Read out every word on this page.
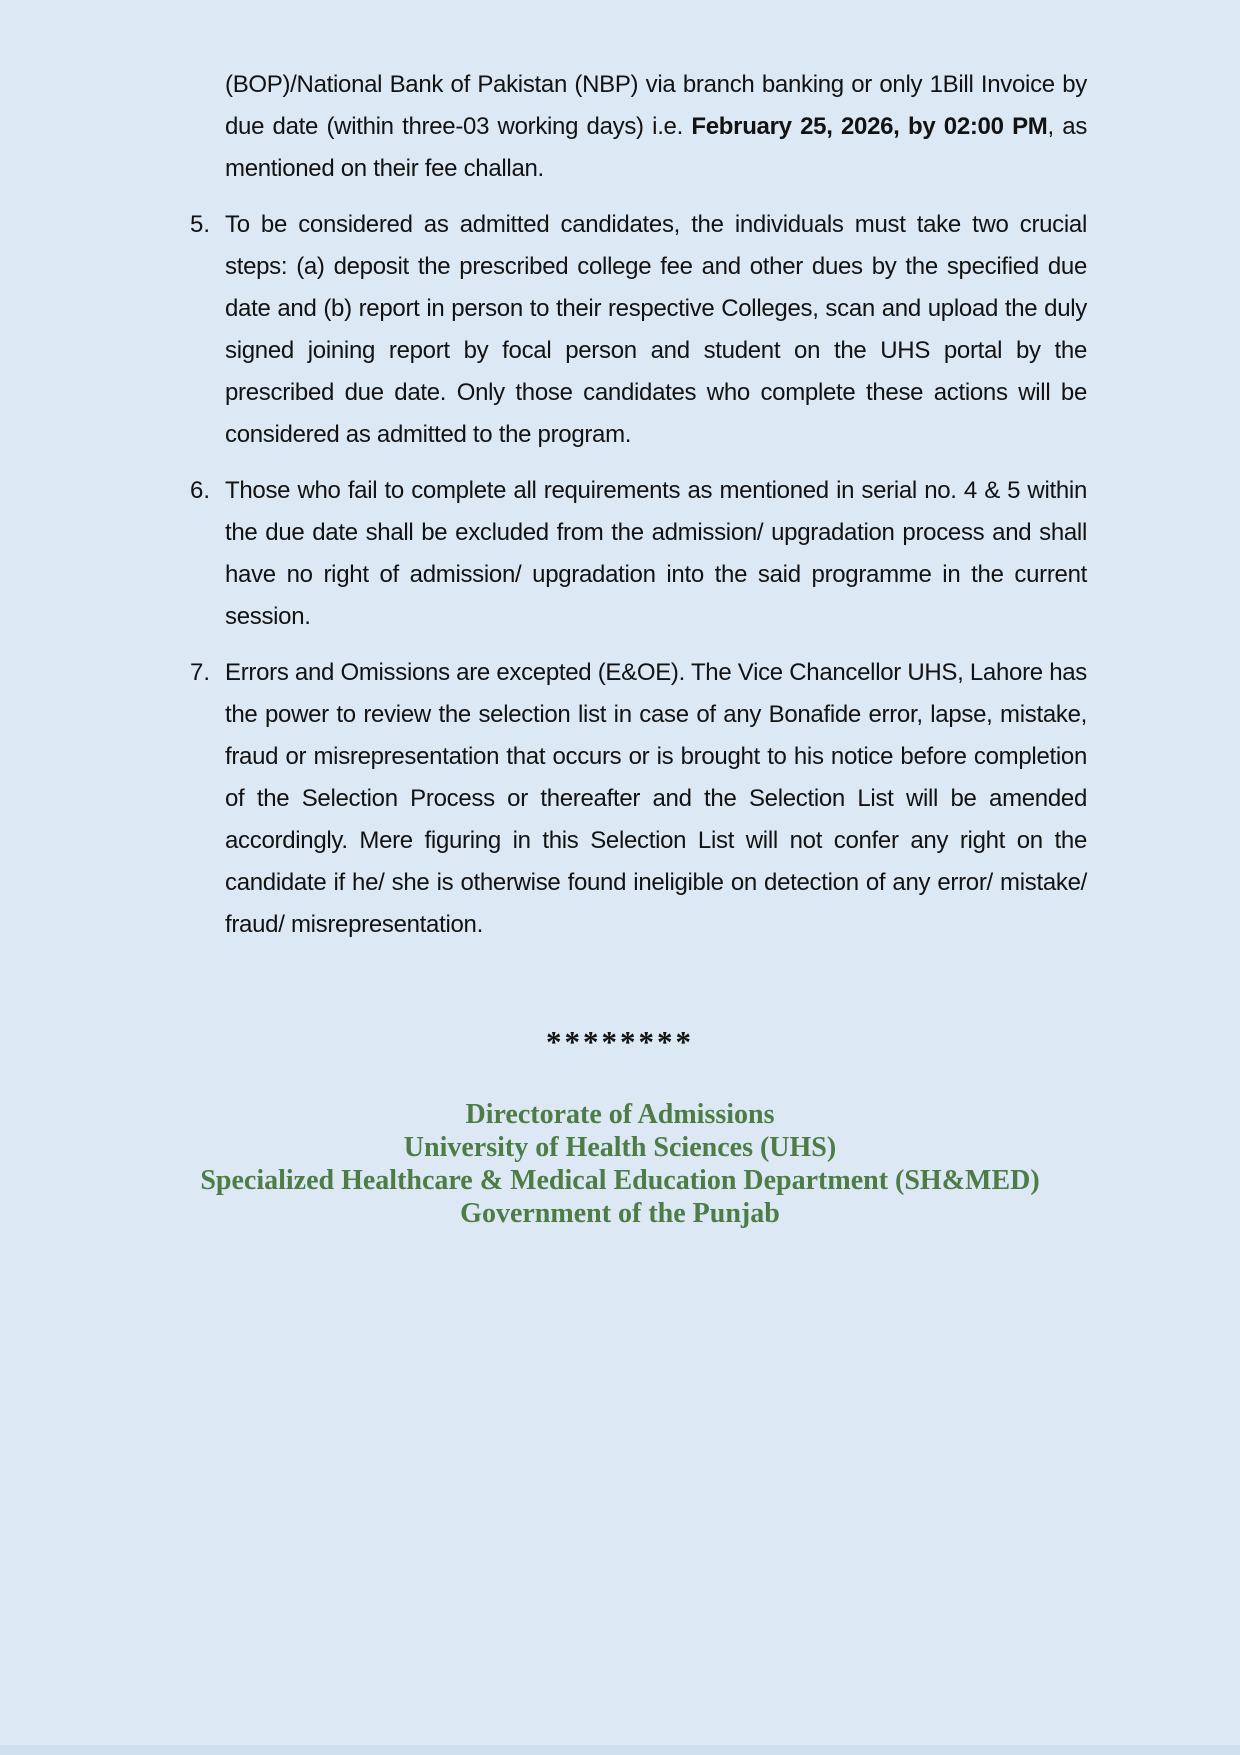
(BOP)/National Bank of Pakistan (NBP) via branch banking or only 1Bill Invoice by due date (within three-03 working days) i.e. February 25, 2026, by 02:00 PM, as mentioned on their fee challan.

5. To be considered as admitted candidates, the individuals must take two crucial steps: (a) deposit the prescribed college fee and other dues by the specified due date and (b) report in person to their respective Colleges, scan and upload the duly signed joining report by focal person and student on the UHS portal by the prescribed due date. Only those candidates who complete these actions will be considered as admitted to the program.

6. Those who fail to complete all requirements as mentioned in serial no. 4 & 5 within the due date shall be excluded from the admission/ upgradation process and shall have no right of admission/ upgradation into the said programme in the current session.

7. Errors and Omissions are excepted (E&OE). The Vice Chancellor UHS, Lahore has the power to review the selection list in case of any Bonafide error, lapse, mistake, fraud or misrepresentation that occurs or is brought to his notice before completion of the Selection Process or thereafter and the Selection List will be amended accordingly. Mere figuring in this Selection List will not confer any right on the candidate if he/ she is otherwise found ineligible on detection of any error/ mistake/ fraud/ misrepresentation.

********
Directorate of Admissions
University of Health Sciences (UHS)
Specialized Healthcare & Medical Education Department (SH&MED)
Government of the Punjab
